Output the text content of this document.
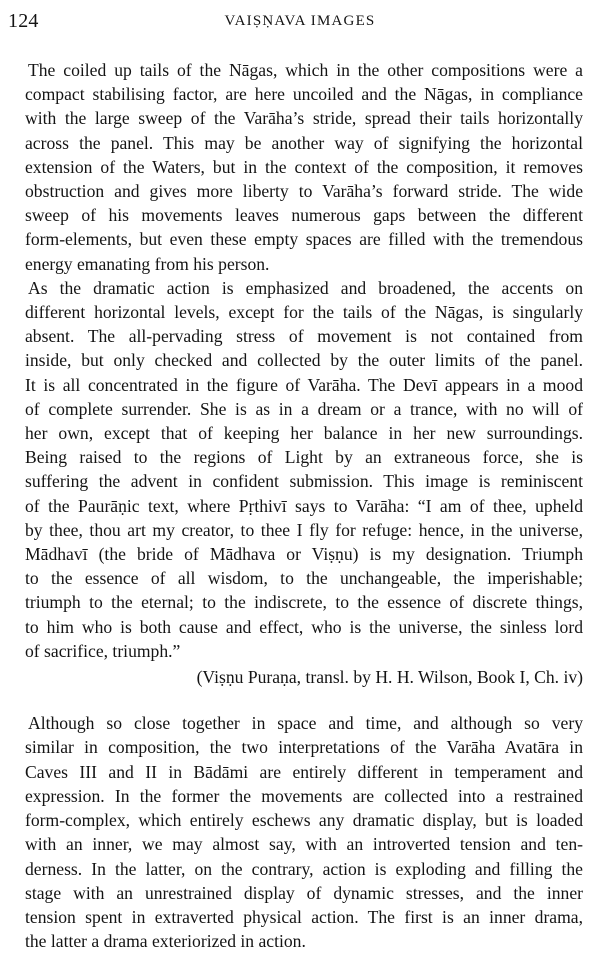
124	VAIṢṆAVA IMAGES
The coiled up tails of the Nāgas, which in the other compositions were a
compact stabilising factor, are here uncoiled and the Nāgas, in compliance
with the large sweep of the Varāha’s stride, spread their tails horizontally
across the panel. This may be another way of signifying the horizontal
extension of the Waters, but in the context of the composition, it removes
obstruction and gives more liberty to Varāha’s forward stride. The wide
sweep of his movements leaves numerous gaps between the different
form-elements, but even these empty spaces are filled with the tremendous
energy emanating from his person.
As the dramatic action is emphasized and broadened, the accents on
different horizontal levels, except for the tails of the Nāgas, is singularly
absent. The all-pervading stress of movement is not contained from
inside, but only checked and collected by the outer limits of the panel.
It is all concentrated in the figure of Varāha. The Devī appears in a mood
of complete surrender. She is as in a dream or a trance, with no will of
her own, except that of keeping her balance in her new surroundings.
Being raised to the regions of Light by an extraneous force, she is
suffering the advent in confident submission. This image is reminiscent
of the Paurāṇic text, where Pṛthivī says to Varāha: “I am of thee, upheld
by thee, thou art my creator, to thee I fly for refuge: hence, in the universe,
Mādhavī (the bride of Mādhava or Viṣṇu) is my designation. Triumph
to the essence of all wisdom, to the unchangeable, the imperishable;
triumph to the eternal; to the indiscrete, to the essence of discrete things,
to him who is both cause and effect, who is the universe, the sinless lord
of sacrifice, triumph.”
(Viṣṇu Puraṇa, transl. by H. H. Wilson, Book I, Ch. iv)
Although so close together in space and time, and although so very
similar in composition, the two interpretations of the Varāha Avatāra in
Caves III and II in Bādāmi are entirely different in temperament and
expression. In the former the movements are collected into a restrained
form-complex, which entirely eschews any dramatic display, but is loaded
with an inner, we may almost say, with an introverted tension and ten-
derness. In the latter, on the contrary, action is exploding and filling the
stage with an unrestrained display of dynamic stresses, and the inner
tension spent in extraverted physical action. The first is an inner drama,
the latter a drama exteriorized in action.
